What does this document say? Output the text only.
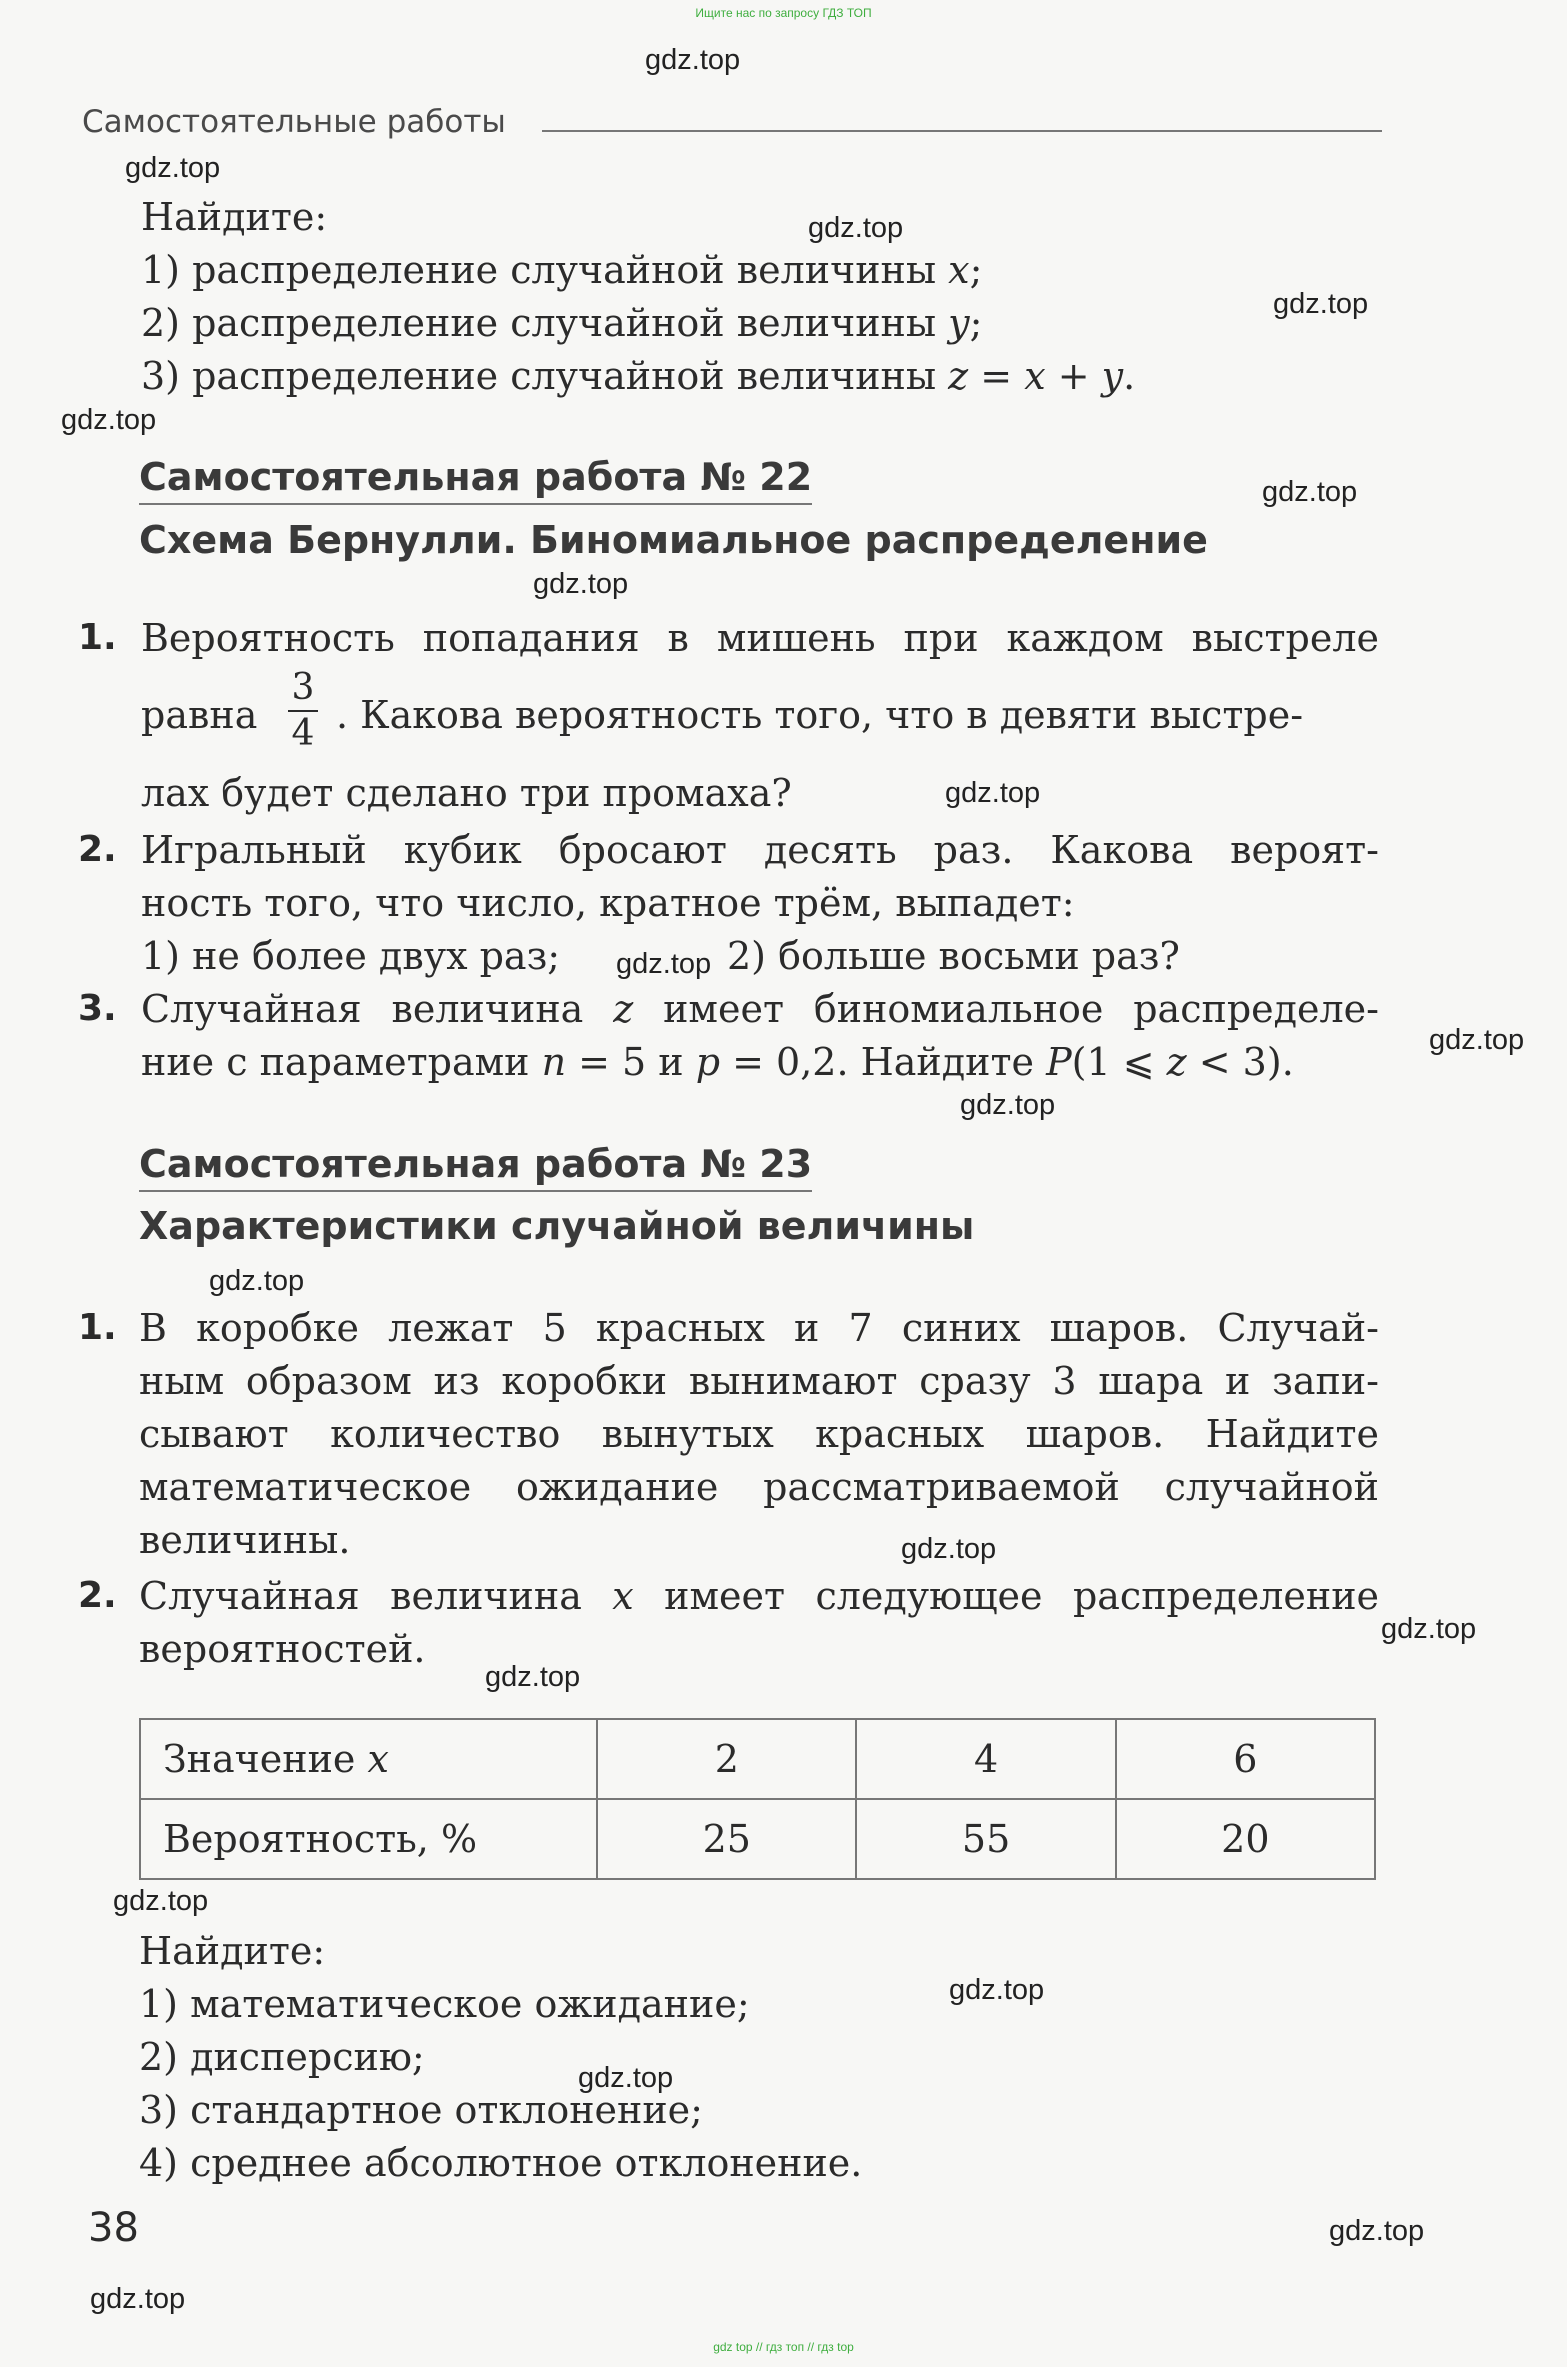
Ищите нас по запросу ГДЗ ТОП
Самостоятельные работы
Найдите:
1) распределение случайной величины x;
2) распределение случайной величины y;
3) распределение случайной величины z = x + y.
Самостоятельная работа № 22
Схема Бернулли. Биномиальное распределение
1. Вероятность попадания в мишень при каждом выстреле
равна
3
4 . Какова вероятность того, что в девяти выстре-
лах будет сделано три промаха?
2. Игральный кубик бросают десять раз. Какова вероят-
ность того, что число, кратное трём, выпадет:
1) не более двух раз;	2) больше восьми раз?
3. Случайная величина z имеет биномиальное распределе-
ние с параметрами n = 5 и p = 0,2. Найдите P(1 ⩽ z < 3).
Самостоятельная работа № 23
Характеристики случайной величины
1. В коробке лежат 5 красных и 7 синих шаров. Случай-
ным образом из коробки вынимают сразу 3 шара и запи-
сывают количество вынутых красных шаров. Найдите
математическое ожидание рассматриваемой случайной
величины.
2. Случайная величина x имеет следующее распределение
вероятностей.
Значение x	2	4	6
Вероятность, %	25	55	20
Найдите:
1) математическое ожидание;
2) дисперсию;
3) стандартное отклонение;
4) среднее абсолютное отклонение.
38
gdz.top
gdz.top
gdz.top
gdz.top
gdz.top
gdz.top
gdz.top
gdz.top
gdz.top
gdz.top
gdz.top
gdz.top
gdz.top
gdz.top
gdz.top
gdz.top
gdz.top
gdz.top
gdz.top
gdz.top
gdz top // гдз топ // гдз top
